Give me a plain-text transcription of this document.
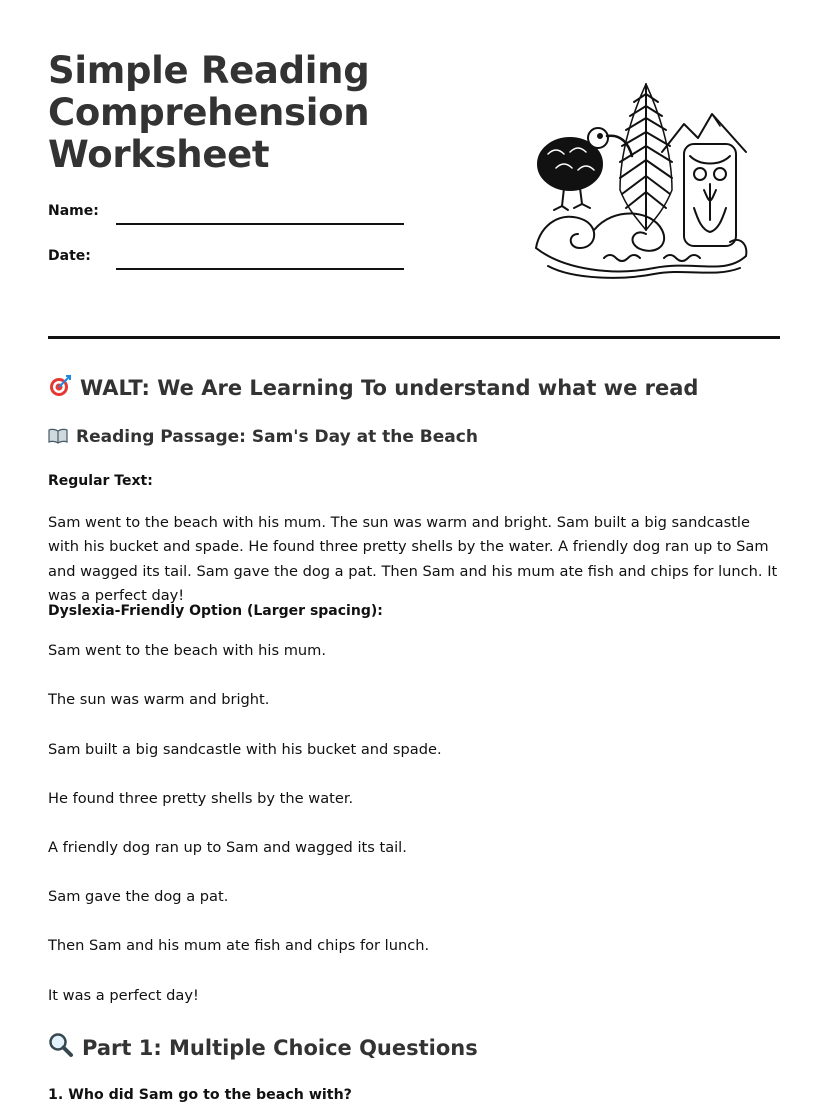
Simple Reading Comprehension Worksheet
Name:
Date:
WALT: We Are Learning To understand what we read
Reading Passage: Sam's Day at the Beach

Regular Text:

Sam went to the beach with his mum. The sun was warm and bright. Sam built a big sandcastle with his bucket and spade. He found three pretty shells by the water. A friendly dog ran up to Sam and wagged its tail. Sam gave the dog a pat. Then Sam and his mum ate fish and chips for lunch. It was a perfect day!

Dyslexia-Friendly Option (Larger spacing):

Sam went to the beach with his mum.

The sun was warm and bright.

Sam built a big sandcastle with his bucket and spade.

He found three pretty shells by the water.

A friendly dog ran up to Sam and wagged its tail.

Sam gave the dog a pat.

Then Sam and his mum ate fish and chips for lunch.

It was a perfect day!

Part 1: Multiple Choice Questions

1. Who did Sam go to the beach with?
